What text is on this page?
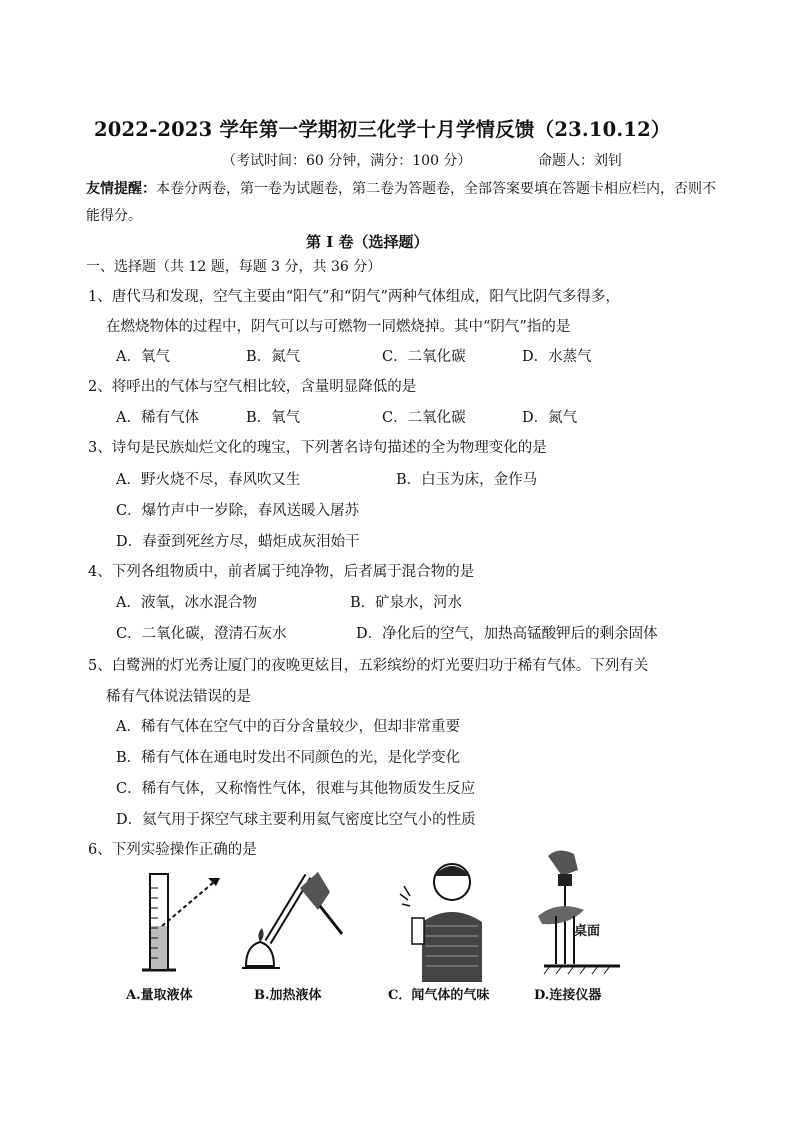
2022-2023 学年第一学期初三化学十月学情反馈（23.10.12）
（考试时间：60 分钟，满分：100 分）	命题人：刘钊
友情提醒：本卷分两卷，第一卷为试题卷，第二卷为答题卷，全部答案要填在答题卡相应栏内，否则不能得分。
第 I 卷（选择题）
一、选择题（共 12 题，每题 3 分，共 36 分）
1、唐代马和发现，空气主要由“阳气”和“阴气”两种气体组成，阳气比阴气多得多，
在燃烧物体的过程中，阴气可以与可燃物一同燃烧掉。其中“阴气”指的是
A．氧气	B．氮气	C．二氧化碳	D．水蒸气
2、将呼出的气体与空气相比较，含量明显降低的是
A．稀有气体	B．氧气	C．二氧化碳	D．氮气
3、诗句是民族灿烂文化的瑰宝，下列著名诗句描述的全为物理变化的是
A．野火烧不尽，春风吹又生	B．白玉为床，金作马
C．爆竹声中一岁除，春风送暖入屠苏
D．春蚕到死丝方尽，蜡炬成灰泪始干
4、下列各组物质中，前者属于纯净物，后者属于混合物的是
A．液氧，冰水混合物	B．矿泉水，河水
C．二氧化碳，澄清石灰水	D．净化后的空气，加热高锰酸钾后的剩余固体
5、白鹭洲的灯光秀让厦门的夜晚更炫目，五彩缤纷的灯光要归功于稀有气体。下列有关
稀有气体说法错误的是
A．稀有气体在空气中的百分含量较少，但却非常重要
B．稀有气体在通电时发出不同颜色的光，是化学变化
C．稀有气体，又称惰性气体，很难与其他物质发生反应
D．氦气用于探空气球主要利用氦气密度比空气小的性质
6、下列实验操作正确的是
桌面
A.量取液体	B.加热液体	C．闻气体的气味	D.连接仪器
